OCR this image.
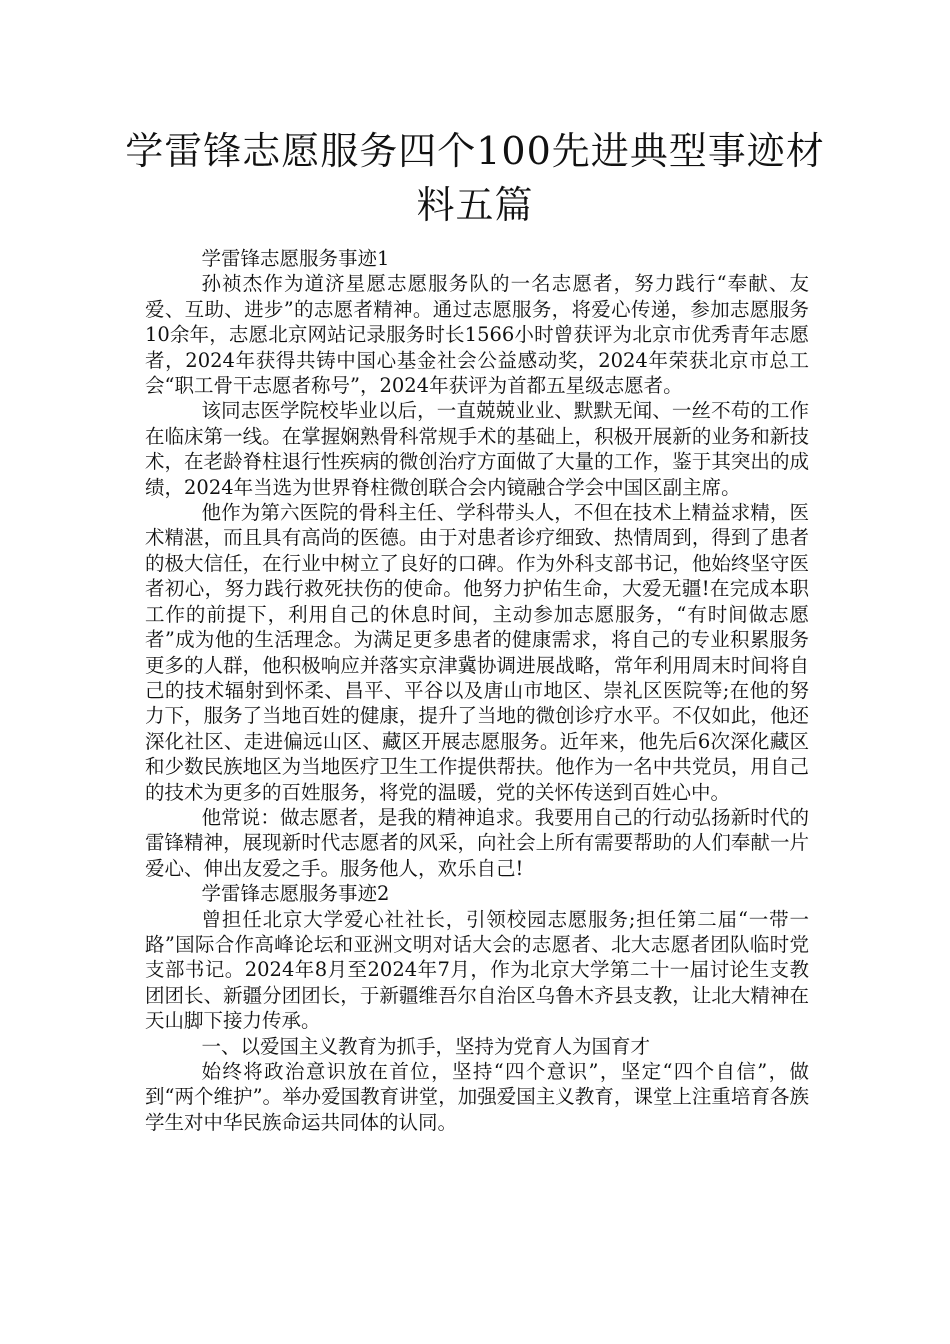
学雷锋志愿服务四个100先进典型事迹材料五篇

学雷锋志愿服务事迹1

孙祯杰作为道济星愿志愿服务队的一名志愿者，努力践行“奉献、友爱、互助、进步”的志愿者精神。通过志愿服务，将爱心传递，参加志愿服务10余年，志愿北京网站记录服务时长1566小时曾获评为北京市优秀青年志愿者，2024年获得共铸中国心基金社会公益感动奖，2024年荣获北京市总工会“职工骨干志愿者称号”，2024年获评为首都五星级志愿者。

该同志医学院校毕业以后，一直兢兢业业、默默无闻、一丝不苟的工作在临床第一线。在掌握娴熟骨科常规手术的基础上，积极开展新的业务和新技术，在老龄脊柱退行性疾病的微创治疗方面做了大量的工作，鉴于其突出的成绩，2024年当选为世界脊柱微创联合会内镜融合学会中国区副主席。

他作为第六医院的骨科主任、学科带头人，不但在技术上精益求精，医术精湛，而且具有高尚的医德。由于对患者诊疗细致、热情周到，得到了患者的极大信任，在行业中树立了良好的口碑。作为外科支部书记，他始终坚守医者初心，努力践行救死扶伤的使命。他努力护佑生命，大爱无疆!在完成本职工作的前提下，利用自己的休息时间，主动参加志愿服务，“有时间做志愿者”成为他的生活理念。为满足更多患者的健康需求，将自己的专业积累服务更多的人群，他积极响应并落实京津冀协调进展战略，常年利用周末时间将自己的技术辐射到怀柔、昌平、平谷以及唐山市地区、崇礼区医院等;在他的努力下，服务了当地百姓的健康，提升了当地的微创诊疗水平。不仅如此，他还深化社区、走进偏远山区、藏区开展志愿服务。近年来，他先后6次深化藏区和少数民族地区为当地医疗卫生工作提供帮扶。他作为一名中共党员，用自己的技术为更多的百姓服务，将党的温暖，党的关怀传送到百姓心中。

他常说：做志愿者，是我的精神追求。我要用自己的行动弘扬新时代的雷锋精神，展现新时代志愿者的风采，向社会上所有需要帮助的人们奉献一片爱心、伸出友爱之手。服务他人，欢乐自己!

学雷锋志愿服务事迹2

曾担任北京大学爱心社社长，引领校园志愿服务;担任第二届“一带一路”国际合作高峰论坛和亚洲文明对话大会的志愿者、北大志愿者团队临时党支部书记。2024年8月至2024年7月，作为北京大学第二十一届讨论生支教团团长、新疆分团团长，于新疆维吾尔自治区乌鲁木齐县支教，让北大精神在天山脚下接力传承。

一、以爱国主义教育为抓手，坚持为党育人为国育才

始终将政治意识放在首位，坚持“四个意识”，坚定“四个自信”，做到“两个维护”。举办爱国教育讲堂，加强爱国主义教育，课堂上注重培育各族学生对中华民族命运共同体的认同。
